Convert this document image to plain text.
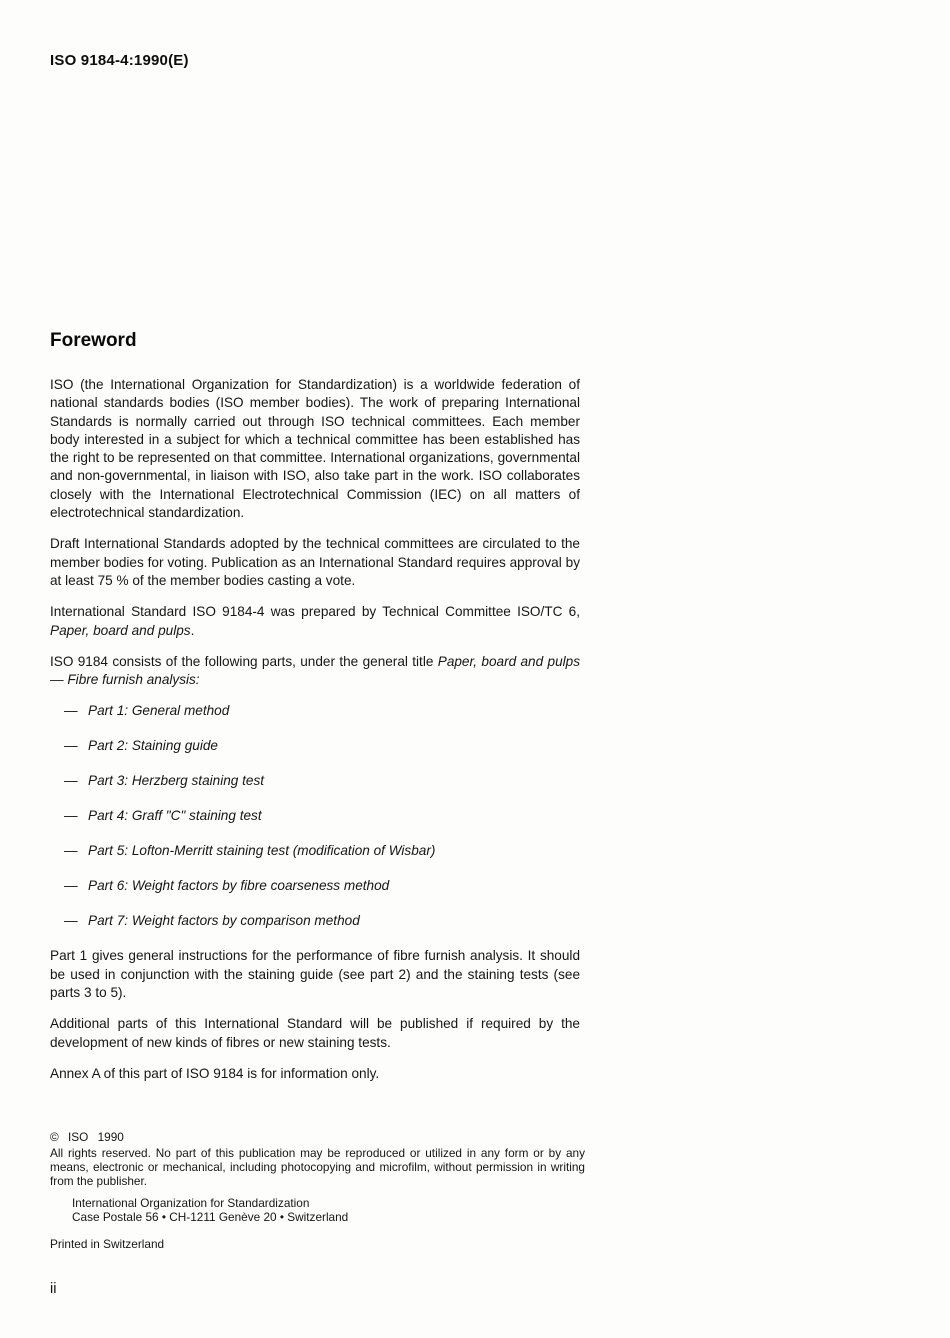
ISO 9184-4:1990(E)
Foreword

ISO (the International Organization for Standardization) is a worldwide federation of national standards bodies (ISO member bodies). The work of preparing International Standards is normally carried out through ISO technical committees. Each member body interested in a subject for which a technical committee has been established has the right to be represented on that committee. International organizations, governmental and non-governmental, in liaison with ISO, also take part in the work. ISO collaborates closely with the International Electrotechnical Commission (IEC) on all matters of electrotechnical standardization.

Draft International Standards adopted by the technical committees are circulated to the member bodies for voting. Publication as an International Standard requires approval by at least 75 % of the member bodies casting a vote.

International Standard ISO 9184-4 was prepared by Technical Committee ISO/TC 6, Paper, board and pulps.

ISO 9184 consists of the following parts, under the general title Paper, board and pulps — Fibre furnish analysis:

— Part 1: General method
— Part 2: Staining guide
— Part 3: Herzberg staining test
— Part 4: Graff "C" staining test
— Part 5: Lofton-Merritt staining test (modification of Wisbar)
— Part 6: Weight factors by fibre coarseness method
— Part 7: Weight factors by comparison method

Part 1 gives general instructions for the performance of fibre furnish analysis. It should be used in conjunction with the staining guide (see part 2) and the staining tests (see parts 3 to 5).

Additional parts of this International Standard will be published if required by the development of new kinds of fibres or new staining tests.

Annex A of this part of ISO 9184 is for information only.

© ISO 1990
All rights reserved. No part of this publication may be reproduced or utilized in any form or by any means, electronic or mechanical, including photocopying and microfilm, without permission in writing from the publisher.
International Organization for Standardization
Case Postale 56 • CH-1211 Genève 20 • Switzerland
Printed in Switzerland
ii
